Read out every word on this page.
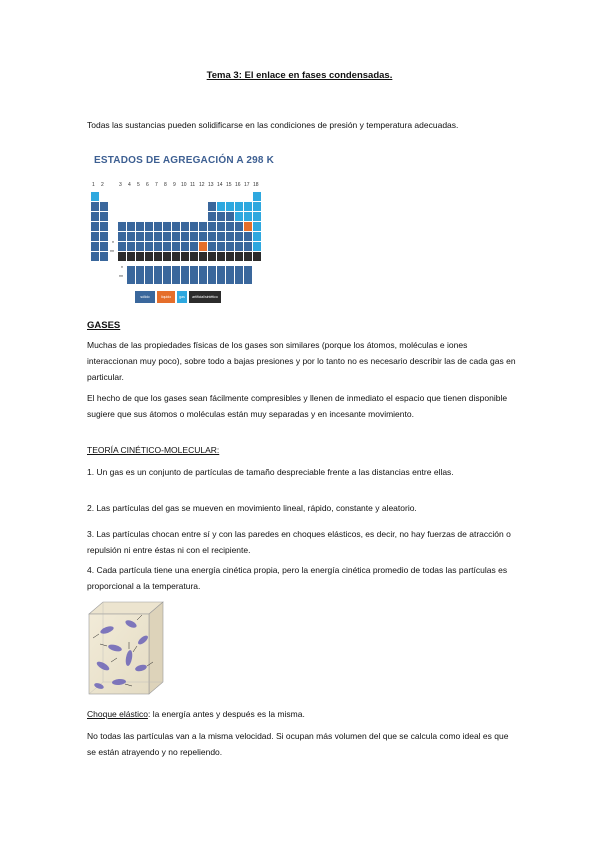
Tema 3: El enlace en fases condensadas.

Todas las sustancias pueden solidificarse en las condiciones de presión y temperatura adecuadas.

ESTADOS DE AGREGACIÓN A 298 K
1 2	3 4 5 6 7 8 9 10 11 12 13 14 15 16 17 18
*
**
*
**
sólido	líquido	gas	artificial/sintético
GASES

Muchas de las propiedades físicas de los gases son similares (porque los átomos, moléculas e iones interaccionan muy poco), sobre todo a bajas presiones y por lo tanto no es necesario describir las de cada gas en particular.

El hecho de que los gases sean fácilmente compresibles y llenen de inmediato el espacio que tienen disponible sugiere que sus átomos o moléculas están muy separadas y en incesante movimiento.

TEORÍA CINÉTICO-MOLECULAR:

1. Un gas es un conjunto de partículas de tamaño despreciable frente a las distancias entre ellas.

2. Las partículas del gas se mueven en movimiento lineal, rápido, constante y aleatorio.

3. Las partículas chocan entre sí y con las paredes en choques elásticos, es decir, no hay fuerzas de atracción o repulsión ni entre éstas ni con el recipiente.

4. Cada partícula tiene una energía cinética propia, pero la energía cinética promedio de todas las partículas es proporcional a la temperatura.

Choque elástico: la energía antes y después es la misma.

No todas las partículas van a la misma velocidad. Si ocupan más volumen del que se calcula como ideal es que se están atrayendo y no repeliendo.
